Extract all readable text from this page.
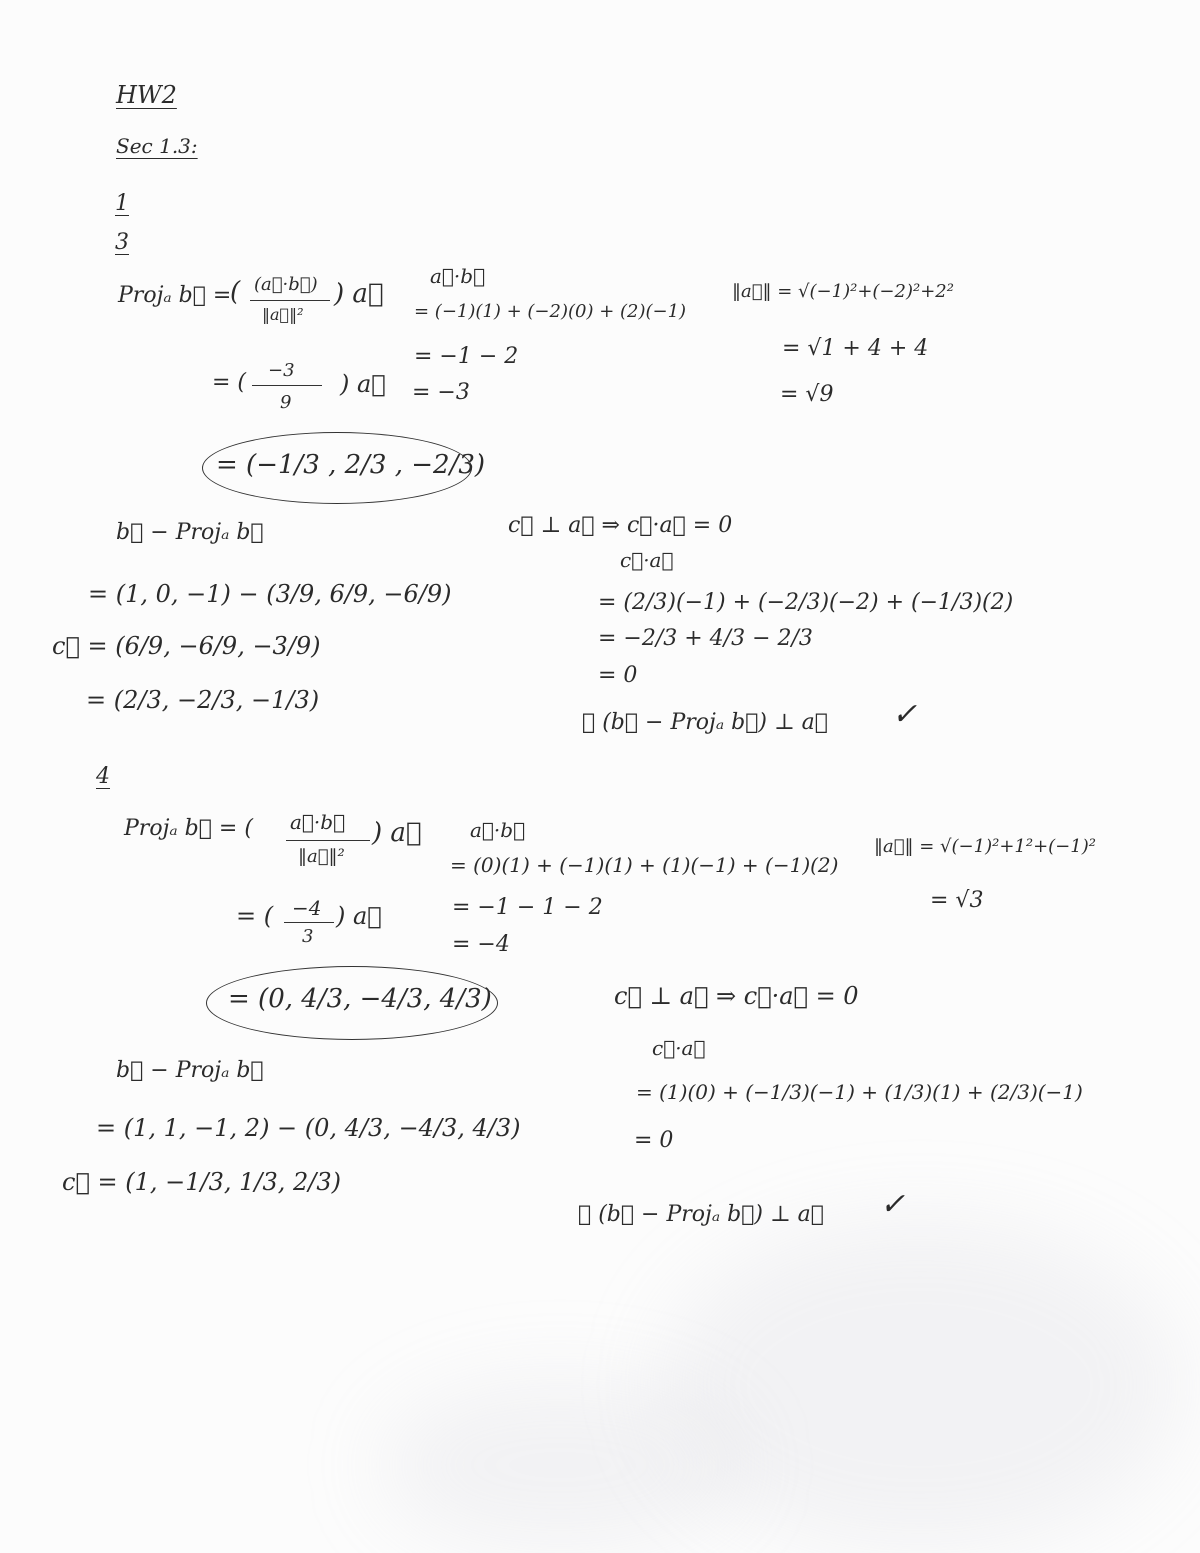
HW2
Sec 1.3:
1
3
Projₐ b⃗ =
( (a⃗·b⃗)
‖a⃗‖²
) a⃗
= ( −3
9
) a⃗
= (−1/3 , 2/3 , −2/3)
a⃗·b⃗
= (−1)(1) + (−2)(0) + (2)(−1)
= −1 − 2
= −3
‖a⃗‖ = √(−1)²+(−2)²+2²
= √1 + 4 + 4
= √9
b⃗ − Projₐ b⃗
= (1, 0, −1) − (3/9, 6/9, −6/9)
c⃗ = (6/9, −6/9, −3/9)
= (2/3, −2/3, −1/3)
c⃗ ⊥ a⃗ ⇒ c⃗·a⃗ = 0
c⃗·a⃗
= (2/3)(−1) + (−2/3)(−2) + (−1/3)(2)
= −2/3 + 4/3 − 2/3
= 0
∴ (b⃗ − Projₐ b⃗) ⊥ a⃗ ✓
4
Projₐ b⃗ = ( a⃗·b⃗
‖a⃗‖²
) a⃗
= ( −4
3
) a⃗
= (0, 4/3, −4/3, 4/3)
a⃗·b⃗
= (0)(1) + (−1)(1) + (1)(−1) + (−1)(2)
= −1 − 1 − 2
= −4
‖a⃗‖ = √(−1)²+1²+(−1)²
= √3
b⃗ − Projₐ b⃗
= (1, 1, −1, 2) − (0, 4/3, −4/3, 4/3)
c⃗ = (1, −1/3, 1/3, 2/3)
c⃗ ⊥ a⃗ ⇒ c⃗·a⃗ = 0
c⃗·a⃗
= (1)(0) + (−1/3)(−1) + (1/3)(1) + (2/3)(−1)
= 0
∴ (b⃗ − Projₐ b⃗) ⊥ a⃗ ✓
